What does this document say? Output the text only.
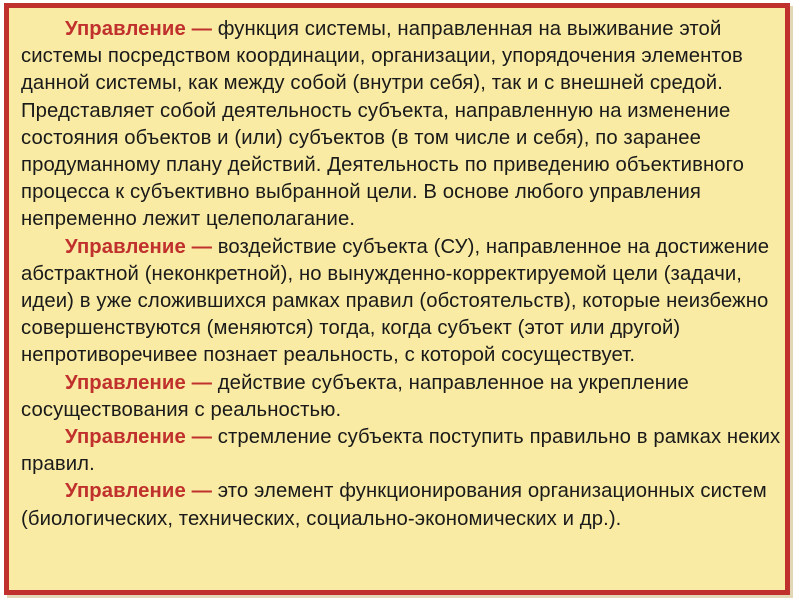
Управление — функция системы, направленная на выживание этой системы посредством координации, организации, упорядочения элементов данной системы, как между собой (внутри себя), так и с внешней средой. Представляет собой деятельность субъекта, направленную на изменение состояния объектов и (или) субъектов (в том числе и себя), по заранее продуманному плану действий. Деятельность по приведению объективного процесса к субъективно выбранной цели. В основе любого управления непременно лежит целеполагание.

Управление — воздействие субъекта (СУ), направленное на достижение абстрактной (неконкретной), но вынужденно-корректируемой цели (задачи, идеи) в уже сложившихся рамках правил (обстоятельств), которые неизбежно совершенствуются (меняются) тогда, когда субъект (этот или другой) непротиворечивее познает реальность, с которой сосуществует.

Управление — действие субъекта, направленное на укрепление сосуществования с реальностью.

Управление — стремление субъекта поступить правильно в рамках неких правил.

Управление — это элемент функционирования организационных систем (биологических, технических, социально-экономических и др.).
